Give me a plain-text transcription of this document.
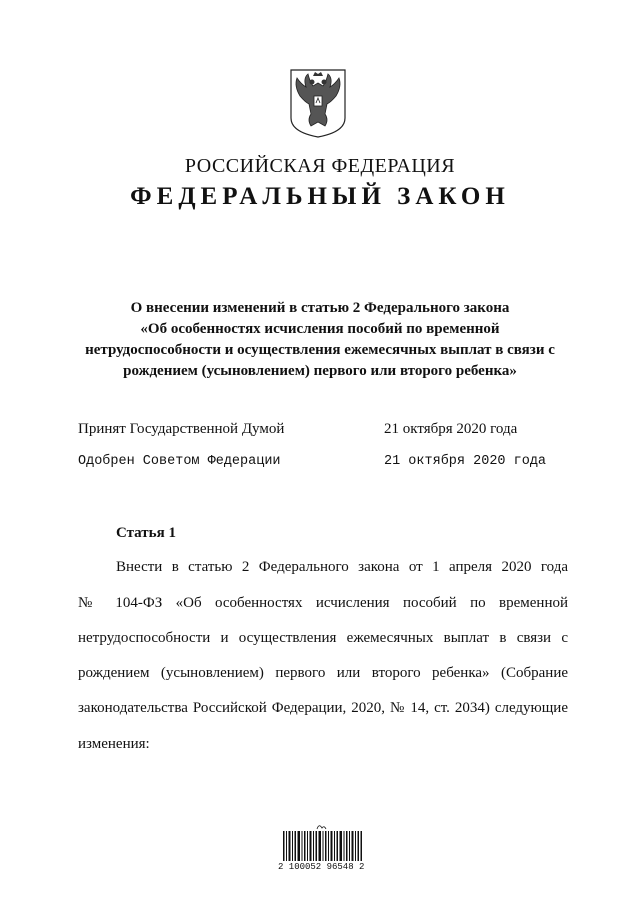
РОССИЙСКАЯ ФЕДЕРАЦИЯ
ФЕДЕРАЛЬНЫЙ ЗАКОН
О внесении изменений в статью 2 Федерального закона
«Об особенностях исчисления пособий по временной
нетрудоспособности и осуществления ежемесячных выплат в связи с
рождением (усыновлением) первого или второго ребенка»
Принят Государственной Думой	21 октября 2020 года
Одобрен Советом Федерации	21 октября 2020 года
Статья 1
Внести в статью 2 Федерального закона от 1 апреля 2020 года
№ 104-ФЗ «Об особенностях исчисления пособий по временной
нетрудоспособности и осуществления ежемесячных выплат в связи с
рождением (усыновлением) первого или второго ребенка» (Собрание
законодательства Российской Федерации, 2020, № 14, ст. 2034) следующие
изменения:
2 100052 96548 2
